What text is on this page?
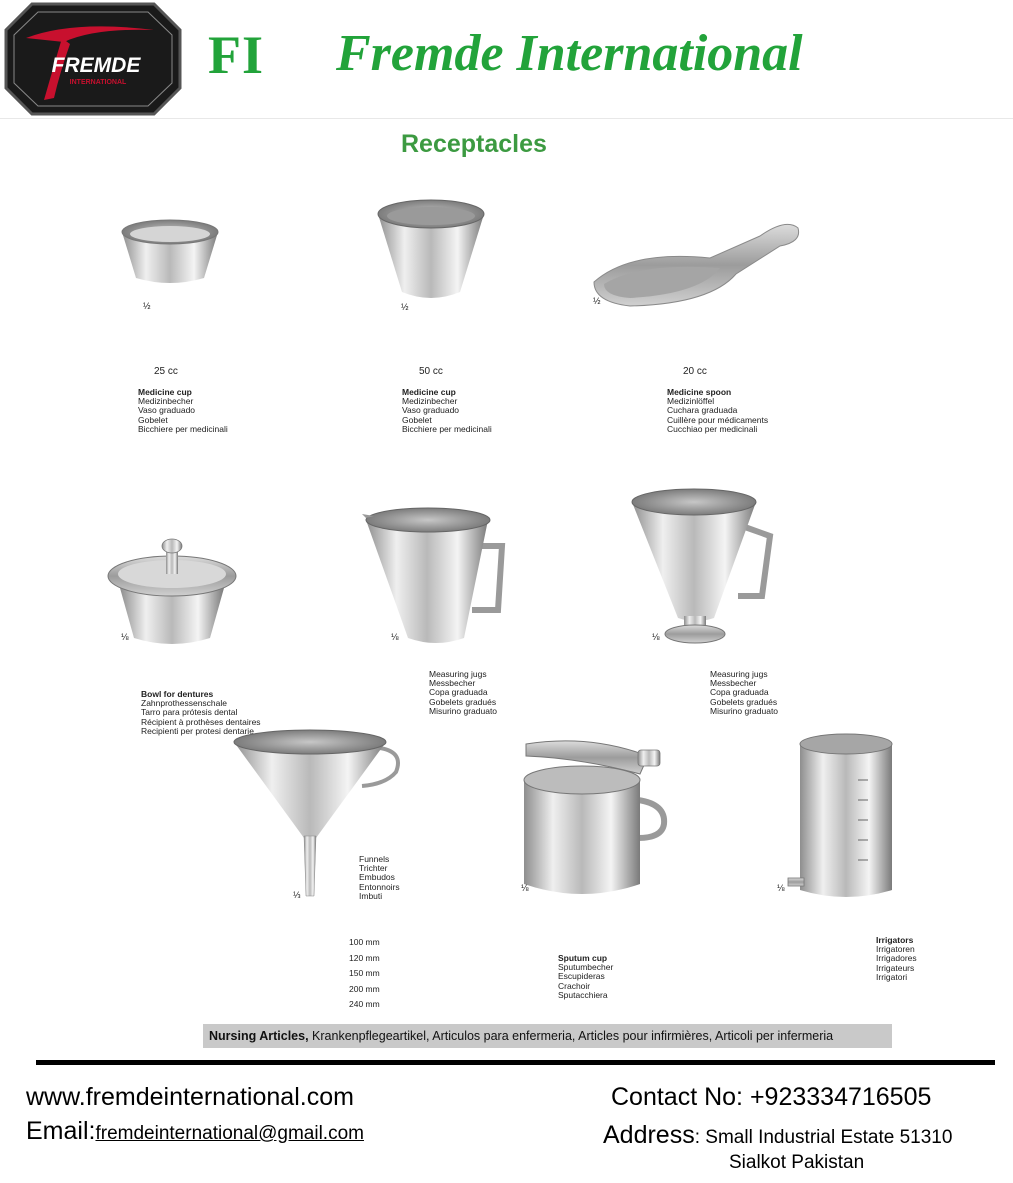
FREMDE
INTERNATIONAL FI Fremde International
Receptacles
½
25 cc
Medicine cup
Medizinbecher
Vaso graduado
Gobelet
Bicchiere per medicinali
½
50 cc
Medicine cup
Medizinbecher
Vaso graduado
Gobelet
Bicchiere per medicinali
½
20 cc
Medicine spoon
Medizinlöffel
Cuchara graduada
Cuillère pour médicaments
Cucchiao per medicinali
⅛
Bowl for dentures
Zahnprothessenschale
Tarro para prótesis dental
Récipient à prothèses dentaires
Recipienti per protesi dentarie
⅛
Measuring jugs
Messbecher
Copa graduada
Gobelets gradués
Misurino graduato
⅛
Measuring jugs
Messbecher
Copa graduada
Gobelets gradués
Misurino graduato
⅓
Funnels
Trichter
Embudos
Entonnoirs
Imbuti
100 mm
120 mm
150 mm
200 mm
240 mm
⅛
Sputum cup
Sputumbecher
Escupideras
Crachoir
Sputacchiera
⅛
Irrigators
Irrigatoren
Irrigadores
Irrigateurs
Irrigatori
Nursing Articles, Krankenpflegeartikel, Articulos para enfermeria, Articles pour infirmières, Articoli per infermeria
www.fremdeinternational.com
Email:fremdeinternational@gmail.com
Contact No: +923334716505
Address: Small Industrial Estate 51310
Sialkot Pakistan
